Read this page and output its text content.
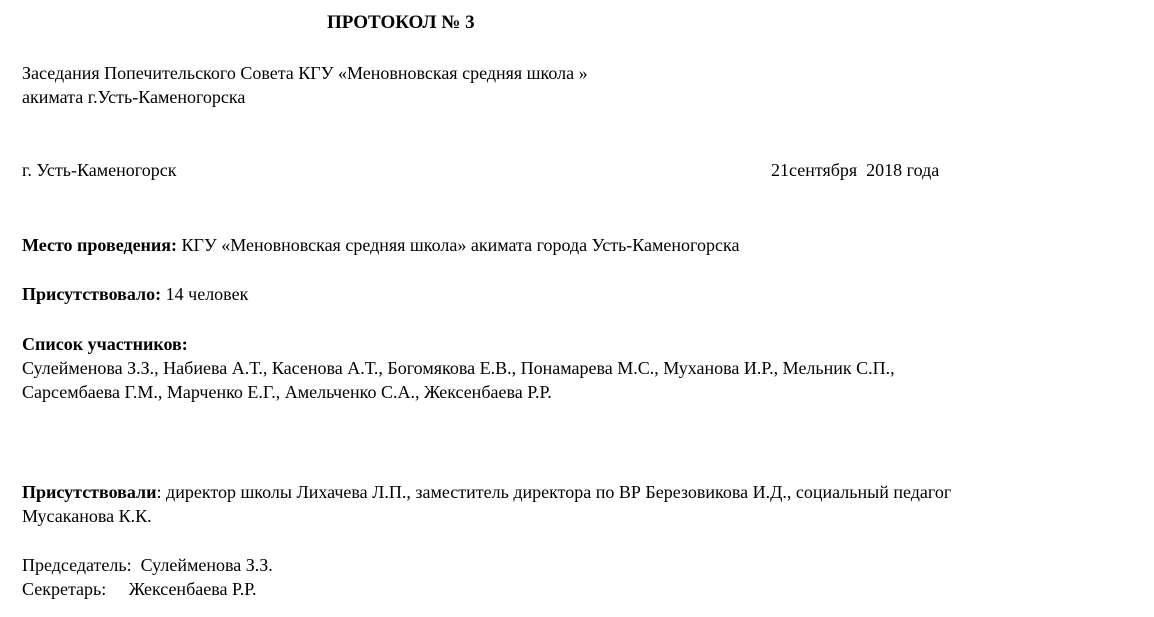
ПРОТОКОЛ № 3
Заседания Попечительского Совета КГУ «Меновновская средняя школа »
акимата г.Усть-Каменогорска
г. Усть-Каменогорск	21сентября  2018 года
Место проведения: КГУ «Меновновская средняя школа» акимата города Усть-Каменогорска
Присутствовало: 14 человек
Список участников:
Сулейменова З.З., Набиева А.Т., Касенова А.Т., Богомякова Е.В., Понамарева М.С., Муханова И.Р., Мельник С.П.,
Сарсембаева Г.М., Марченко Е.Г., Амельченко С.А., Жексенбаева Р.Р.
Присутствовали: директор школы Лихачева Л.П., заместитель директора по ВР Березовикова И.Д., социальный педагог
Мусаканова К.К.
Председатель:  Сулейменова З.З.
Секретарь:     Жексенбаева Р.Р.
